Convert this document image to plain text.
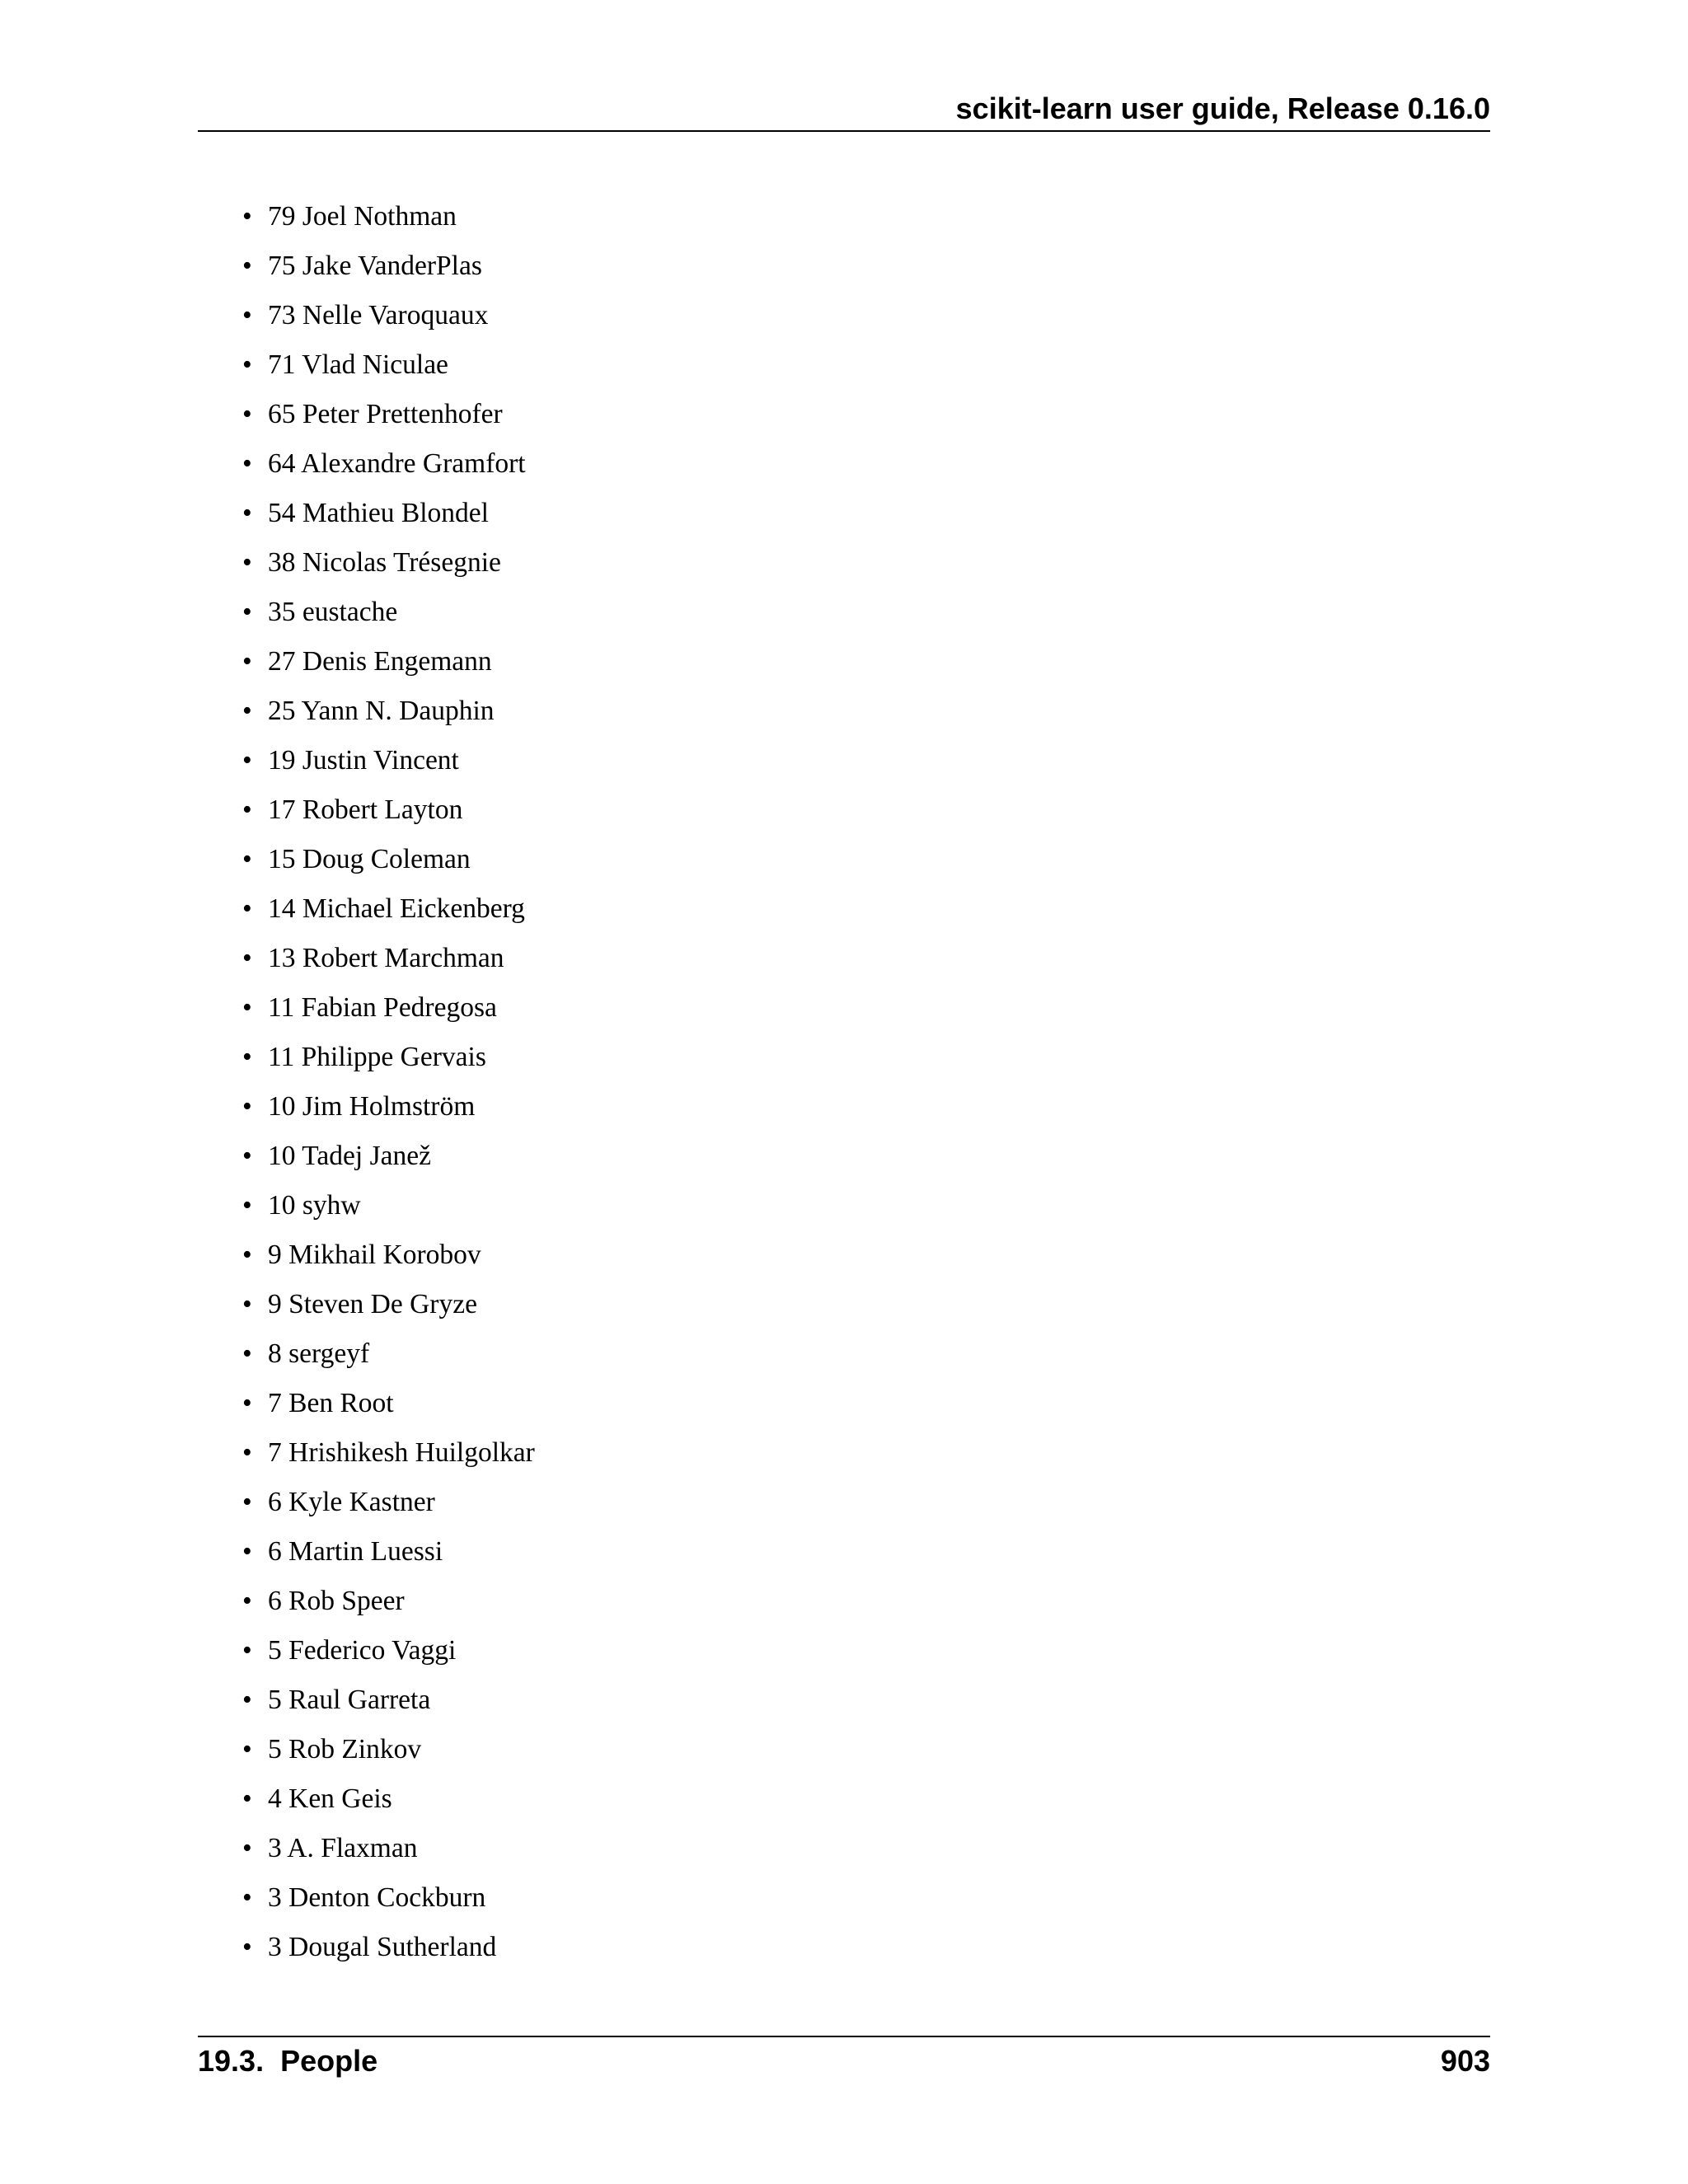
scikit-learn user guide, Release 0.16.0
• 79 Joel Nothman
• 75 Jake VanderPlas
• 73 Nelle Varoquaux
• 71 Vlad Niculae
• 65 Peter Prettenhofer
• 64 Alexandre Gramfort
• 54 Mathieu Blondel
• 38 Nicolas Trésegnie
• 35 eustache
• 27 Denis Engemann
• 25 Yann N. Dauphin
• 19 Justin Vincent
• 17 Robert Layton
• 15 Doug Coleman
• 14 Michael Eickenberg
• 13 Robert Marchman
• 11 Fabian Pedregosa
• 11 Philippe Gervais
• 10 Jim Holmström
• 10 Tadej Janež
• 10 syhw
• 9 Mikhail Korobov
• 9 Steven De Gryze
• 8 sergeyf
• 7 Ben Root
• 7 Hrishikesh Huilgolkar
• 6 Kyle Kastner
• 6 Martin Luessi
• 6 Rob Speer
• 5 Federico Vaggi
• 5 Raul Garreta
• 5 Rob Zinkov
• 4 Ken Geis
• 3 A. Flaxman
• 3 Denton Cockburn
• 3 Dougal Sutherland
19.3.  People	903
